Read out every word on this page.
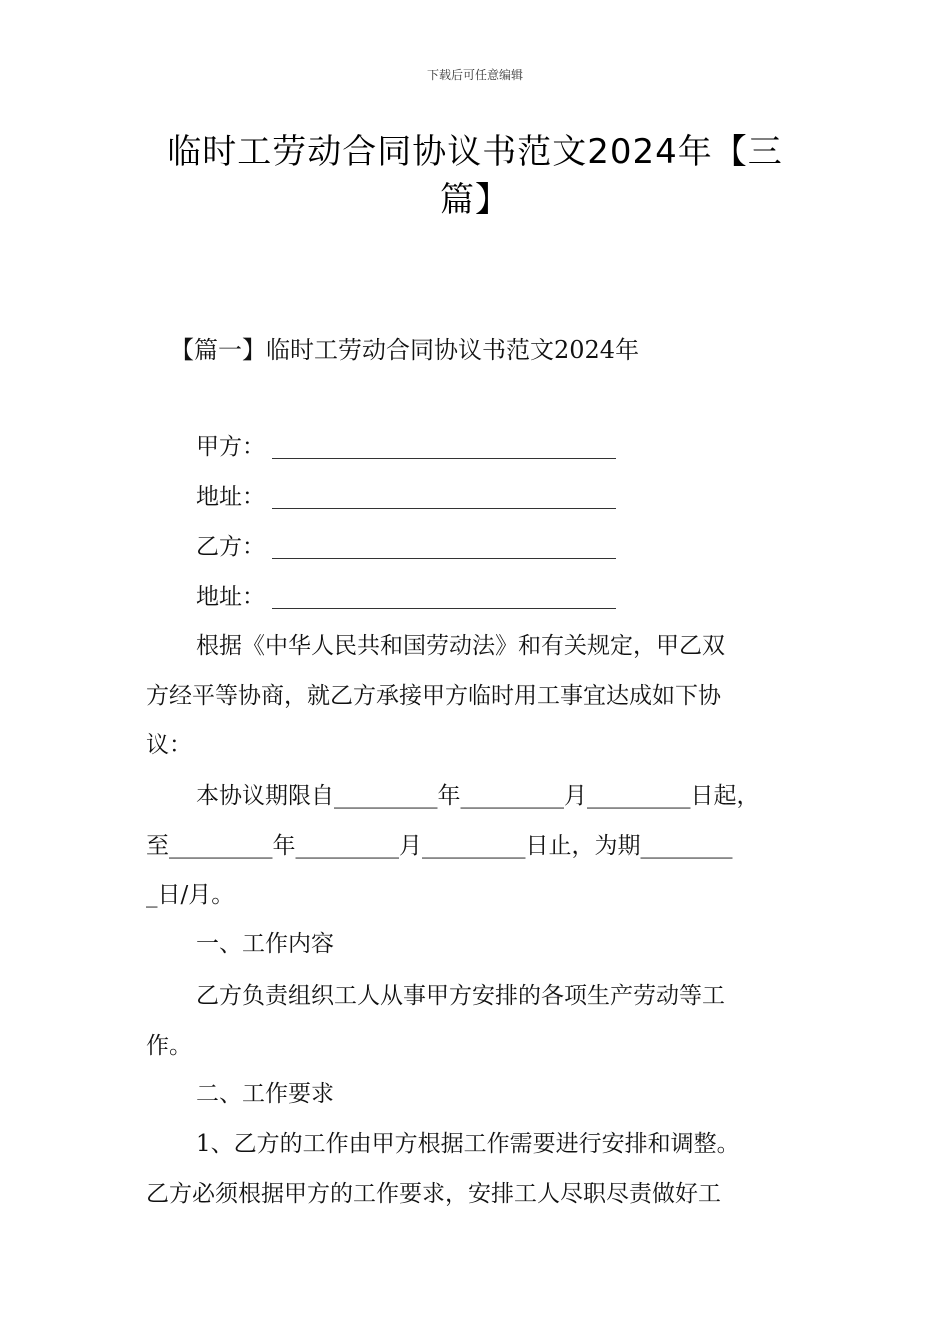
下载后可任意编辑
临时工劳动合同协议书范文2024年【三
篇】
【篇一】临时工劳动合同协议书范文2024年
甲方：
地址：
乙方：
地址：
根据《中华人民共和国劳动法》和有关规定，甲乙双
方经平等协商，就乙方承接甲方临时用工事宜达成如下协
议：
本协议期限自_________年_________月_________日起，
至_________年_________月_________日止，为期________
_日/月。
一、工作内容
乙方负责组织工人从事甲方安排的各项生产劳动等工
作。
二、工作要求
1、乙方的工作由甲方根据工作需要进行安排和调整。
乙方必须根据甲方的工作要求，安排工人尽职尽责做好工
